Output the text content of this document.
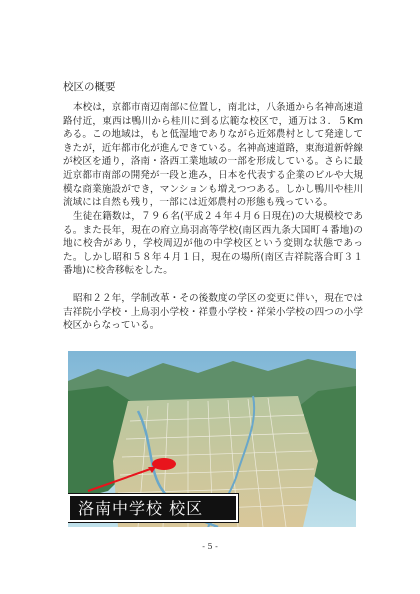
校区の概要

本校は，京都市南辺南部に位置し，南北は，八条通から名神高速道路付近，東西は鴨川から桂川に到る広範な校区で，通万は３．５Kmある。この地域は，もと低湿地でありながら近郊農村として発達してきたが，近年都市化が進んできている。名神高速道路，東海道新幹線が校区を通り，洛南・洛西工業地域の一部を形成している。さらに最近京都市南部の開発が一段と進み，日本を代表する企業のビルや大規模な商業施設ができ，マンションも増えつつある。しかし鴨川や桂川流域には自然も残り，一部には近郊農村の形態も残っている。

生徒在籍数は，７９６名(平成２４年４月６日現在)の大規模校である。また長年，現在の府立鳥羽高等学校(南区西九条大国町４番地)の地に校舎があり，学校周辺が他の中学校区という変則な状態であった。しかし昭和５８年４月１日，現在の場所(南区吉祥院落合町３１番地)に校舎移転をした。

昭和２２年，学制改革・その後数度の学区の変更に伴い，現在では吉祥院小学校・上鳥羽小学校・祥豊小学校・祥栄小学校の四つの小学校区からなっている。

洛南中学校 校区
- 5 -
